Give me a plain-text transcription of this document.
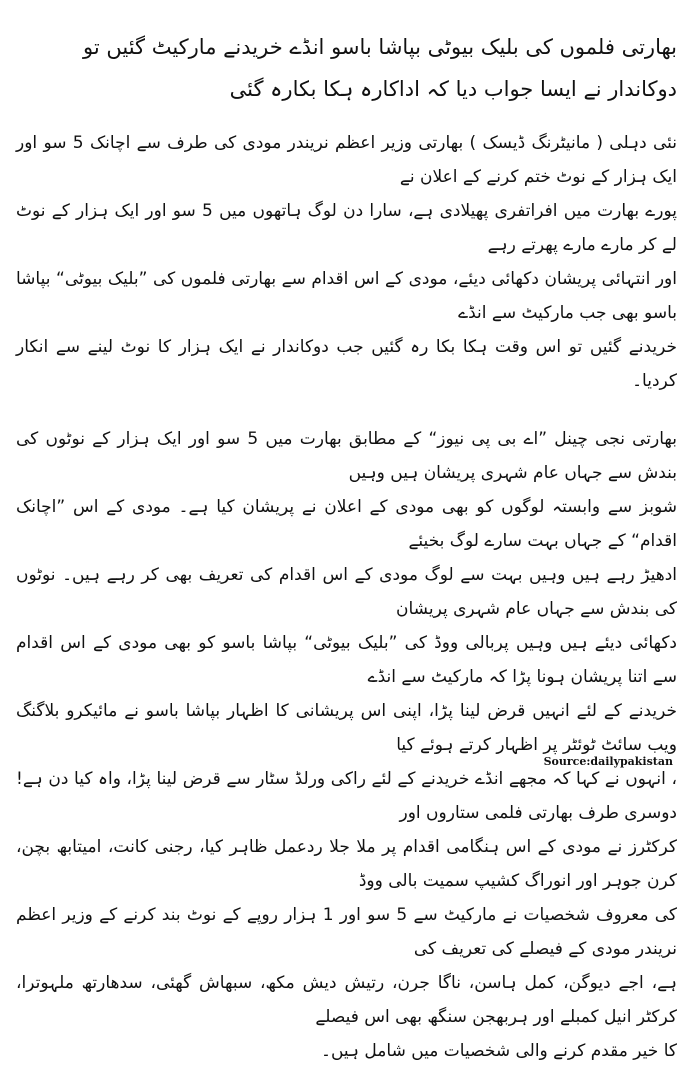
بھارتی فلموں کی بلیک بیوٹی بپاشا باسو انڈے خریدنے مارکیٹ گئیں تو دوکاندار نے ایسا جواب دیا کہ اداکارہ ہکا بکارہ گئی

نئی دہلی ( مانیٹرنگ ڈیسک ) بھارتی وزیر اعظم نریندر مودی کی طرف سے اچانک 5 سو اور ایک ہزار کے نوٹ ختم کرنے کے اعلان نے
پورے بھارت میں افراتفری پھیلادی ہے، سارا دن لوگ ہاتھوں میں 5 سو اور ایک ہزار کے نوٹ لے کر مارے مارے پھرتے رہے
اور انتہائی پریشان دکھائی دیئے، مودی کے اس اقدام سے بھارتی فلموں کی ”بلیک بیوٹی“ بپاشا باسو بھی جب مارکیٹ سے انڈے
خریدنے گئیں تو اس وقت ہکا بکا رہ گئیں جب دوکاندار نے ایک ہزار کا نوٹ لینے سے انکار کردیا۔

بھارتی نجی چینل ”اے بی پی نیوز“ کے مطابق بھارت میں 5 سو اور ایک ہزار کے نوٹوں کی بندش سے جہاں عام شہری پریشان ہیں وہیں
شوبز سے وابستہ لوگوں کو بھی مودی کے اعلان نے پریشان کیا ہے۔ مودی کے اس ”اچانک اقدام“ کے جہاں بہت سارے لوگ بخیئے
ادھیڑ رہے ہیں وہیں بہت سے لوگ مودی کے اس اقدام کی تعریف بھی کر رہے ہیں۔ نوٹوں کی بندش سے جہاں عام شہری پریشان
دکھائی دیئے ہیں وہیں پربالی ووڈ کی ”بلیک بیوٹی“ بپاشا باسو کو بھی مودی کے اس اقدام سے اتنا پریشان ہونا پڑا کہ مارکیٹ سے انڈے
خریدنے کے لئے انہیں قرض لینا پڑا، اپنی اس پریشانی کا اظہار بپاشا باسو نے مائیکرو بلاگنگ ویب سائٹ ٹوئٹر پر اظہار کرتے ہوئے کیا
، انہوں نے کہا کہ مجھے انڈے خریدنے کے لئے راکی ورلڈ سٹار سے قرض لینا پڑا، واہ کیا دن ہے! دوسری طرف بھارتی فلمی ستاروں اور
کرکٹرز نے مودی کے اس ہنگامی اقدام پر ملا جلا ردعمل ظاہر کیا، رجنی کانت، امیتابھ بچن، کرن جوہر اور انوراگ کشیپ سمیت بالی ووڈ
کی معروف شخصیات نے مارکیٹ سے 5 سو اور 1 ہزار روپے کے نوٹ بند کرنے کے وزیر اعظم نریندر مودی کے فیصلے کی تعریف کی
ہے، اجے دیوگن، کمل ہاسن، ناگا جرن، رتیش دیش مکھ، سبھاش گھئی، سدھارتھ ملہوترا، کرکٹر انیل کمبلے اور ہربھجن سنگھ بھی اس فیصلے
کا خیر مقدم کرنے والی شخصیات میں شامل ہیں۔

Source:dailypakistan
